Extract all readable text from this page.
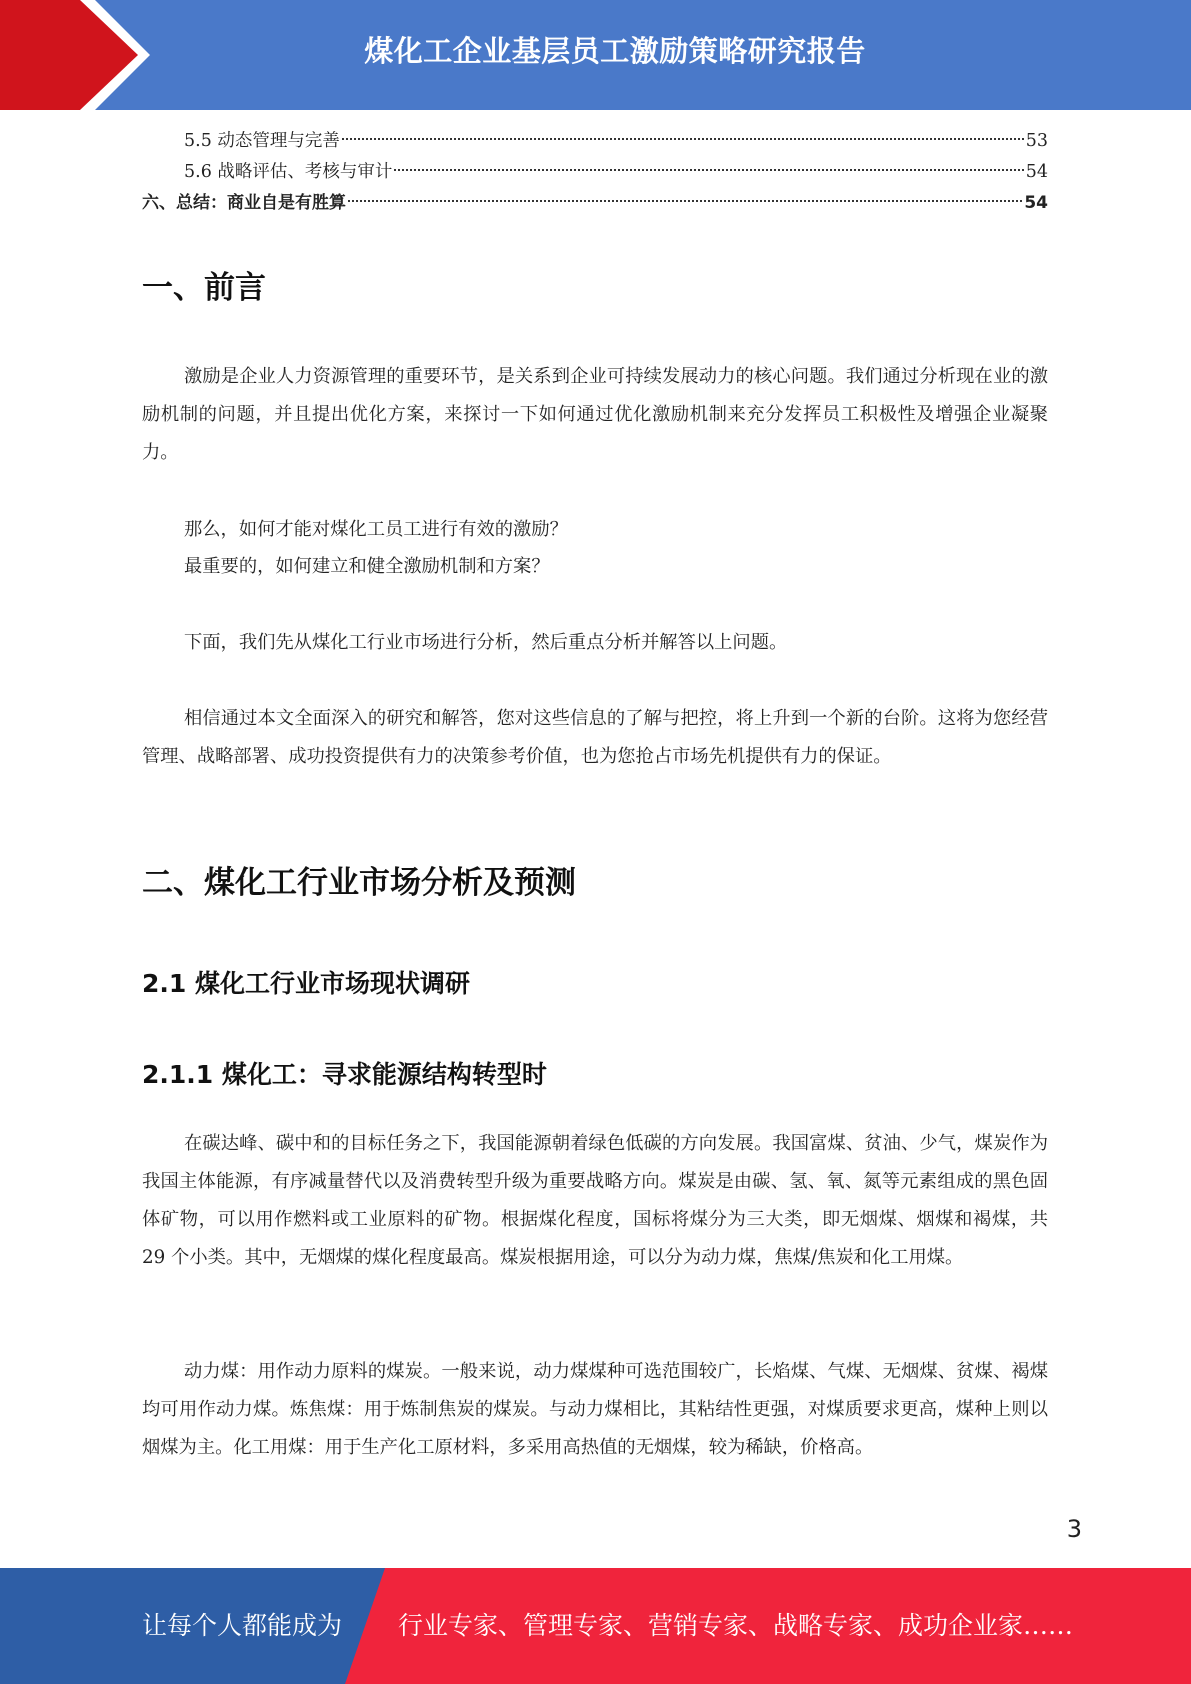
煤化工企业基层员工激励策略研究报告
5.5 动态管理与完善	53
5.6 战略评估、考核与审计	54
六、总结：商业自是有胜算	54
一、前言
激励是企业人力资源管理的重要环节，是关系到企业可持续发展动力的核心问题。我们通过分析现在业的激励机制的问题，并且提出优化方案，来探讨一下如何通过优化激励机制来充分发挥员工积极性及增强企业凝聚力。
那么，如何才能对煤化工员工进行有效的激励？
最重要的，如何建立和健全激励机制和方案？
下面，我们先从煤化工行业市场进行分析，然后重点分析并解答以上问题。
相信通过本文全面深入的研究和解答，您对这些信息的了解与把控，将上升到一个新的台阶。这将为您经营管理、战略部署、成功投资提供有力的决策参考价值，也为您抢占市场先机提供有力的保证。
二、煤化工行业市场分析及预测
2.1 煤化工行业市场现状调研
2.1.1 煤化工：寻求能源结构转型时
在碳达峰、碳中和的目标任务之下，我国能源朝着绿色低碳的方向发展。我国富煤、贫油、少气，煤炭作为我国主体能源，有序减量替代以及消费转型升级为重要战略方向。煤炭是由碳、氢、氧、氮等元素组成的黑色固体矿物，可以用作燃料或工业原料的矿物。根据煤化程度，国标将煤分为三大类，即无烟煤、烟煤和褐煤，共 29 个小类。其中，无烟煤的煤化程度最高。煤炭根据用途，可以分为动力煤，焦煤/焦炭和化工用煤。
动力煤：用作动力原料的煤炭。一般来说，动力煤煤种可选范围较广，长焰煤、气煤、无烟煤、贫煤、褐煤均可用作动力煤。炼焦煤：用于炼制焦炭的煤炭。与动力煤相比，其粘结性更强，对煤质要求更高，煤种上则以烟煤为主。化工用煤：用于生产化工原材料，多采用高热值的无烟煤，较为稀缺，价格高。
3
让每个人都能成为 行业专家、管理专家、营销专家、战略专家、成功企业家……
